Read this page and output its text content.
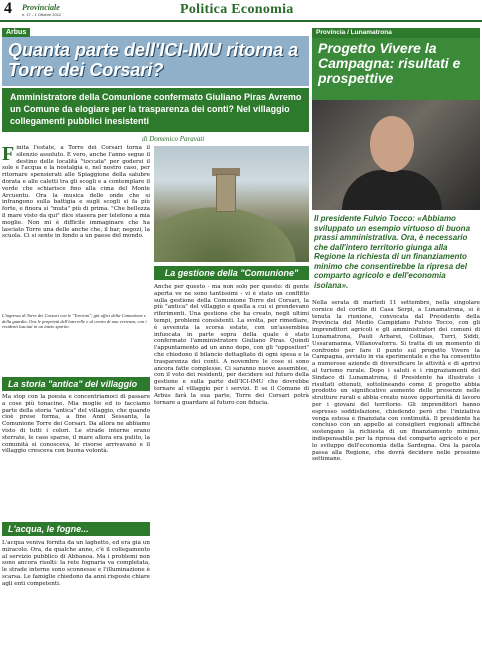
4 Provinciale
n. 17 - 1 Ottobre 2012	Politica Economia
Arbus
Quanta parte dell'ICI-IMU ritorna a Torre dei Corsari?
Amministratore della Comunione confermato Giuliano Piras Avremo un Comune da elogiare per la trasparenza dei conti? Nel villaggio collegamenti pubblici inesistenti
di Domenico Paravati
F inita l'estate, a Torre dei Corsari torna il silenzio assoluto. E vero, anche l'anno segue il destino delle località "toccata" per godersi il sole e l'acqua e la nostalgia e, nel nostro caso, per ritornare spensierati alle Spiaggione della salubre dorata e alle caletti tra gli scogli e a contemplare il verde che schiarisce fino alla cima del Monte Arcuentu. Ora la musica delle onde che si infrangono sulla battigia e sugli scogli si fa più forte, e finora si "muta" più di prima. "Che bellezza il mare visto da qui" dice stasera per telefono a mia moglie. Non mi è difficile immaginare che ha lasciato Torre una delle anche che, il bar, negozi, la scuola. Ci si sente in fondo a un paese del mondo.
L'ingresso di Torre dei Corsari con le "Torrioni", già uffici della Comunione e della guardia. Ora le proprietà dell'interrelle e al centro di una vertenza, con i residenti lasciati in un inizio sparito.
La storia "antica" del villaggio
Ma stop con la poesia e concentriamoci di passare a cose più tonacine. Mia moglie ed io facciamo parte della storia "antica" del villaggio, che quando cioè prese forma, a fine Anni Sessanta, la Comunione Torre dei Corsari. Da allora ne abbiamo visto di tutti i colori. Le strade interne erano sterrate, le case sparse, il mare allora era pulito, la comunità si conosceva, le risorse arrivavano e il villaggio cresceva con buona volontà.
L'acqua, le fogne...
L'acqua veniva fornita da un laghetto, ed era già un miracolo. Ora, da qualche anno, c'è il collegamento al servizio pubblico di Abbanoa. Ma i problemi non sono ancora risolti: la rete fognaria va completata, le strade interne sono sconnesse e l'illuminazione è scarsa. Le famiglie chiedono da anni risposte chiare agli enti competenti.
La gestione della "Comunione"
Anche per questo - ma non solo per questo: di gente aperta ve ne sono tantissimi - vi è stato un conflitto sulla gestione della Comunione Torre dei Corsari, la più "antica" del villaggio e quella a cui si prendevano riferimenti. Una gestione che ha creato, negli ultimi tempi, problemi consistenti. La svolta, per rimediare, è avvenuta la scorsa estate, con un'assemblea infuocata in parte sopra della quale è stato confermato l'amministratore Giuliano Piras. Quindi l'appuntamento ad un anno dopo, con gli "oppositori" che chiedono il bilancio dettagliato di ogni spesa e la trasparenza dei conti. A novembre le cose si sono ancora fatte complesse. Ci saranno nuove assemblee, con il voto dei residenti, per decidere sul futuro della gestione e sulla parte dell'ICI-IMU che dovrebbe tornare al villaggio per i servizi. E se il Comune di Arbus farà la sua parte, Torre dei Corsari potrà tornare a guardare al futuro con fiducia.
Provincia / Lunamatrona
Progetto Vivere la Campagna: risultati e prospettive
Il presidente Fulvio Tocco: «Abbiamo sviluppato un esempio virtuoso di buona prassi amministrativa. Ora, è necessario che dall'intero territorio giunga alla Regione la richiesta di un finanziamento minimo che consentirebbe la ripresa del comparto agricolo e dell'economia isolana».
Nella serata di martedì 11 settembre, nella singolare cornice del cortile di Casa Serpi, a Lunamatrona, si è tenuta la riunione, convocata dal Presidente della Provincia del Medio Campidano Fulvio Tocco, con gli imprenditori agricoli e gli amministratori dei comuni di Lunamatrona, Pauli Arbarei, Collinas, Turri, Siddi, Ussaramanna, Villanovaforru. Si tratta di un momento di confronto per fare il punto sul progetto Vivere la Campagna, avviato in via sperimentale e che ha consentito a numerose aziende di diversificare le attività e di aprirsi al turismo rurale. Dopo i saluti e i ringraziamenti del Sindaco di Lunamatrona, il Presidente ha illustrato i risultati ottenuti, sottolineando come il progetto abbia prodotto un significativo aumento delle presenze nelle strutture rurali e abbia creato nuove opportunità di lavoro per i giovani del territorio. Gli imprenditori hanno espresso soddisfazione, chiedendo però che l'iniziativa venga estesa e finanziata con continuità. Il presidente ha concluso con un appello ai consiglieri regionali affinché sostengano la richiesta di un finanziamento minimo, indispensabile per la ripresa del comparto agricolo e per lo sviluppo dell'economia della Sardegna. Ora la parola passa alla Regione, che dovrà decidere nelle prossime settimane.
